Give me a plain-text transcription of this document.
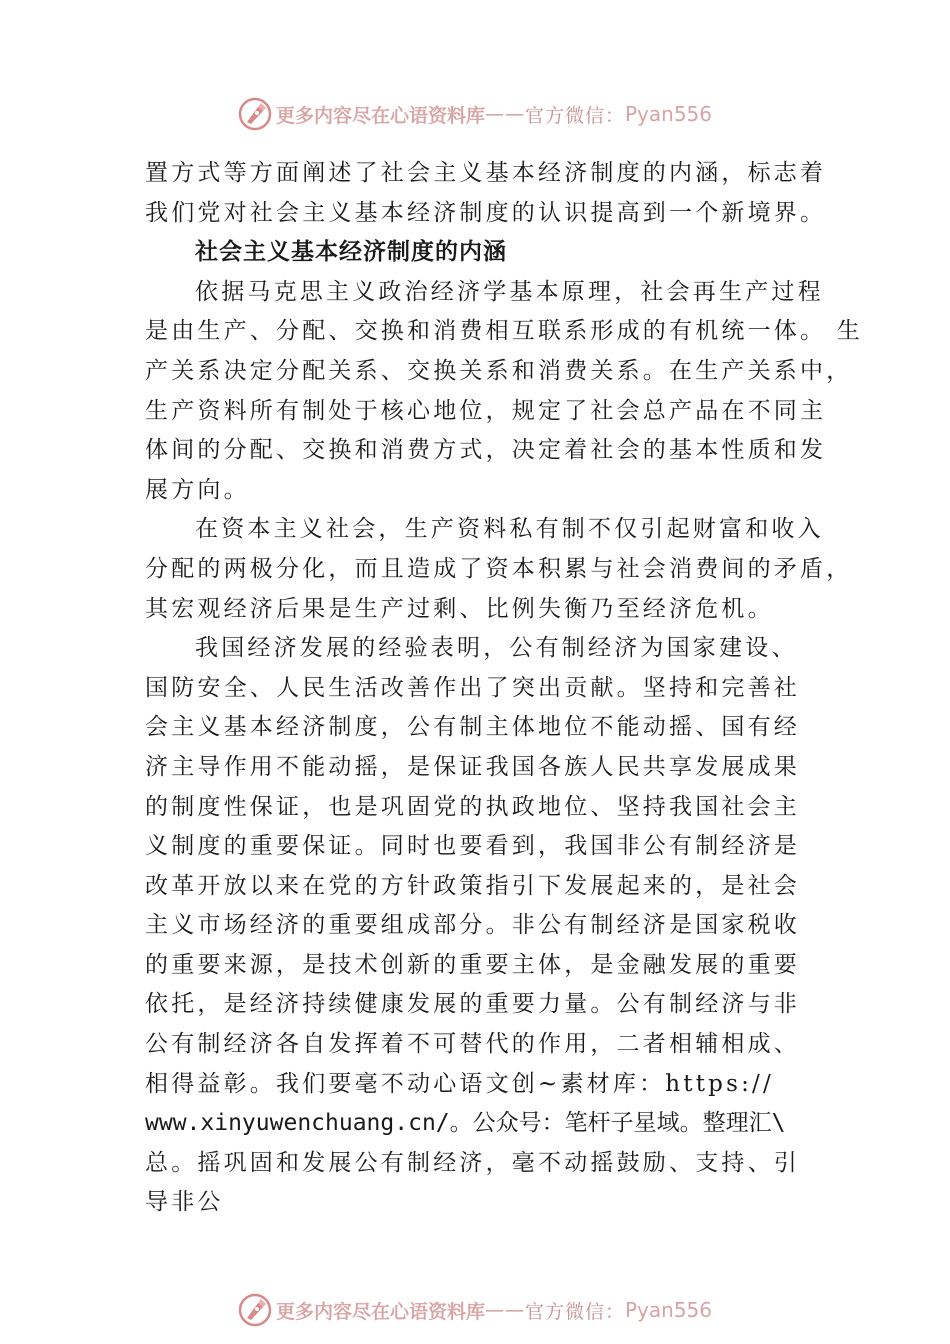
更多内容尽在心语资料库 —— 官方微信： Pyan556
置方式等方面阐述了社会主义基本经济制度的内涵，标志着
我们党对社会主义基本经济制度的认识提高到一个新境界。
社会主义基本经济制度的内涵
依据马克思主义政治经济学基本原理，社会再生产过程
是由生产、分配、交换和消费相互联系形成的有机统一体。 生
产关系决定分配关系、交换关系和消费关系。在生产关系中，
生产资料所有制处于核心地位，规定了社会总产品在不同主
体间的分配、交换和消费方式，决定着社会的基本性质和发
展方向。
在资本主义社会，生产资料私有制不仅引起财富和收入
分配的两极分化，而且造成了资本积累与社会消费间的矛盾，
其宏观经济后果是生产过剩、比例失衡乃至经济危机。
我国经济发展的经验表明，公有制经济为国家建设、
国防安全、人民生活改善作出了突出贡献。坚持和完善社
会主义基本经济制度，公有制主体地位不能动摇、国有经
济主导作用不能动摇，是保证我国各族人民共享发展成果
的制度性保证，也是巩固党的执政地位、坚持我国社会主
义制度的重要保证。同时也要看到，我国非公有制经济是
改革开放以来在党的方针政策指引下发展起来的，是社会
主义市场经济的重要组成部分。非公有制经济是国家税收
的重要来源，是技术创新的重要主体，是金融发展的重要
依托，是经济持续健康发展的重要力量。公有制经济与非
公有制经济各自发挥着不可替代的作用，二者相辅相成、
相得益彰。我们要毫不动心语文创~素材库：https://
www.xinyuwenchuang.cn/。公众号：笔杆子星域。整理汇\
总。摇巩固和发展公有制经济，毫不动摇鼓励、支持、引
导非公
更多内容尽在心语资料库 —— 官方微信： Pyan556
